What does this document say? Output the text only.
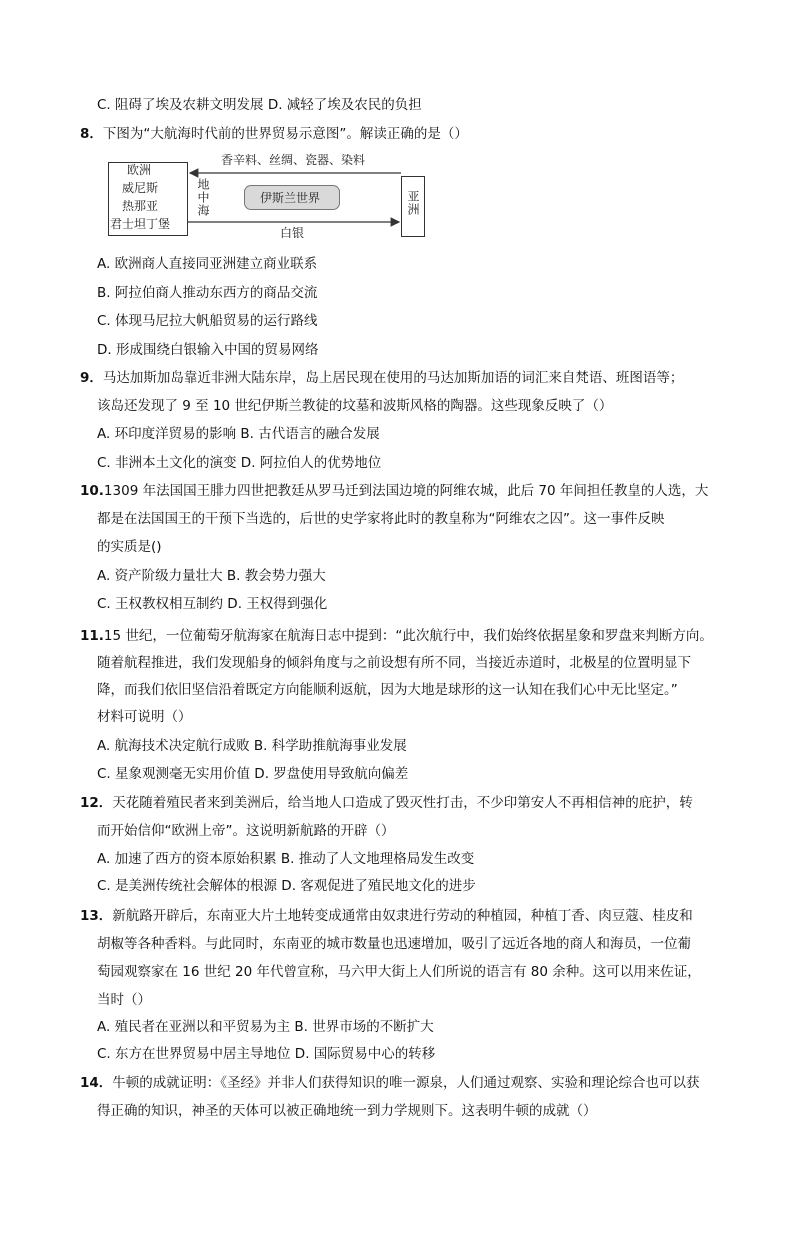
C. 阻碍了埃及农耕文明发展 D. 减轻了埃及农民的负担
8．下图为“大航海时代前的世界贸易示意图”。解读正确的是（）
欧洲
威尼斯
热那亚
君士坦丁堡
地中海	伊斯兰世界	亚洲
香辛料、丝绸、瓷器、染料
白银
A. 欧洲商人直接同亚洲建立商业联系
B. 阿拉伯商人推动东西方的商品交流
C. 体现马尼拉大帆船贸易的运行路线
D. 形成围绕白银输入中国的贸易网络
9．马达加斯加岛靠近非洲大陆东岸，岛上居民现在使用的马达加斯加语的词汇来自梵语、班图语等；
该岛还发现了 9 至 10 世纪伊斯兰教徒的坟墓和波斯风格的陶器。这些现象反映了（）
A. 环印度洋贸易的影响 B. 古代语言的融合发展
C. 非洲本土文化的演变 D. 阿拉伯人的优势地位
10.1309 年法国国王腓力四世把教廷从罗马迁到法国边境的阿维农城，此后 70 年间担任教皇的人选，大
都是在法国国王的干预下当选的，后世的史学家将此时的教皇称为“阿维农之囚”。这一事件反映
的实质是()
A. 资产阶级力量壮大 B. 教会势力强大
C. 王权教权相互制约 D. 王权得到强化
11.15 世纪，一位葡萄牙航海家在航海日志中提到：“此次航行中，我们始终依据星象和罗盘来判断方向。
随着航程推进，我们发现船身的倾斜角度与之前设想有所不同，当接近赤道时，北极星的位置明显下
降，而我们依旧坚信沿着既定方向能顺利返航，因为大地是球形的这一认知在我们心中无比坚定。”
材料可说明（）
A. 航海技术决定航行成败 B. 科学助推航海事业发展
C. 星象观测毫无实用价值 D. 罗盘使用导致航向偏差
12．天花随着殖民者来到美洲后，给当地人口造成了毁灭性打击，不少印第安人不再相信神的庇护，转
而开始信仰“欧洲上帝”。这说明新航路的开辟（）
A. 加速了西方的资本原始积累 B. 推动了人文地理格局发生改变
C. 是美洲传统社会解体的根源 D. 客观促进了殖民地文化的进步
13．新航路开辟后，东南亚大片土地转变成通常由奴隶进行劳动的种植园，种植丁香、肉豆蔻、桂皮和
胡椒等各种香料。与此同时，东南亚的城市数量也迅速增加，吸引了远近各地的商人和海员，一位葡
萄园观察家在 16 世纪 20 年代曾宣称，马六甲大街上人们所说的语言有 80 余种。这可以用来佐证，
当时（）
A. 殖民者在亚洲以和平贸易为主 B. 世界市场的不断扩大
C. 东方在世界贸易中居主导地位 D. 国际贸易中心的转移
14．牛顿的成就证明：《圣经》并非人们获得知识的唯一源泉，人们通过观察、实验和理论综合也可以获
得正确的知识，神圣的天体可以被正确地统一到力学规则下。这表明牛顿的成就（）
